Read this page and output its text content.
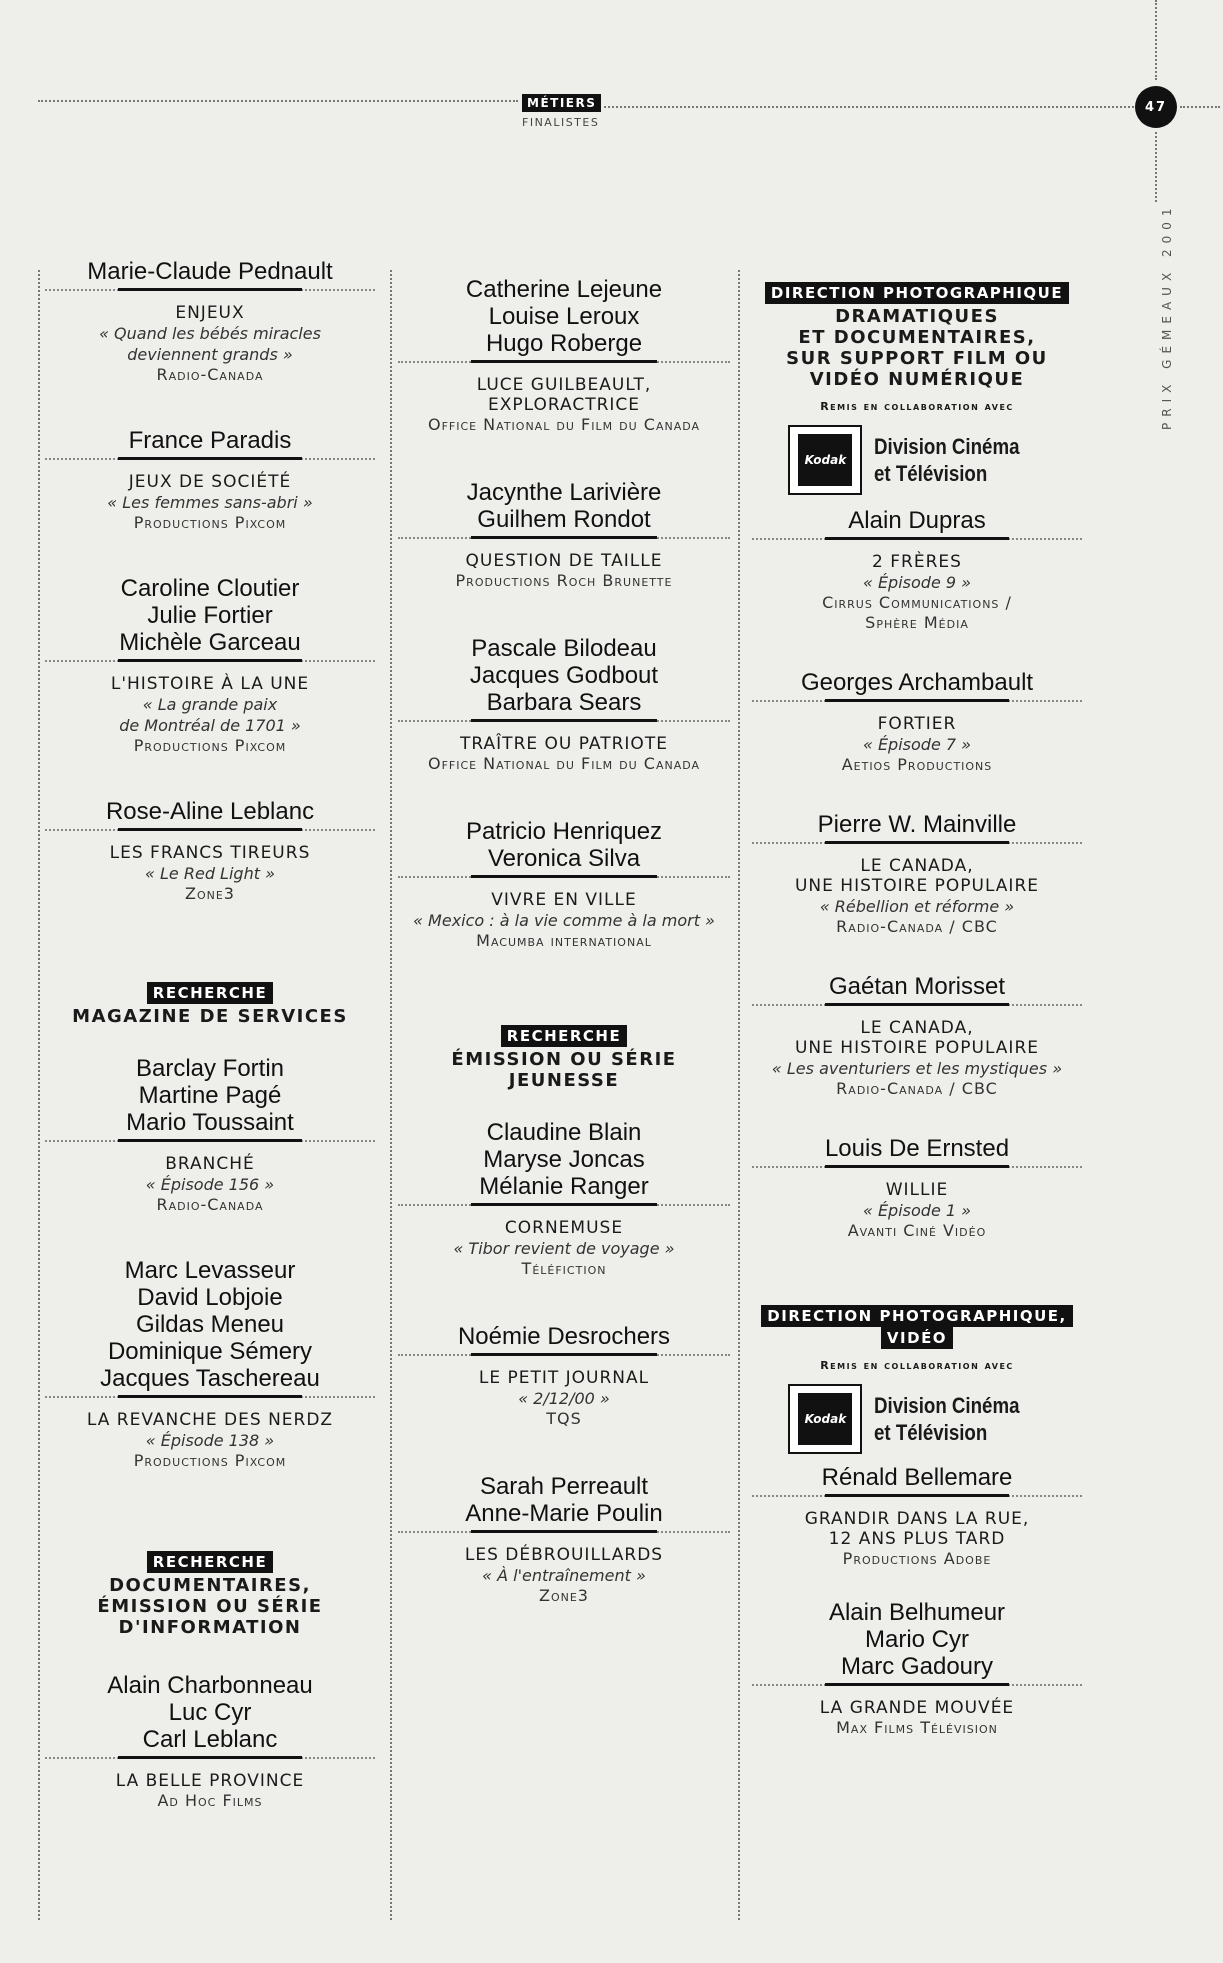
MÉTIERS
FINALISTES
47
PRIX GÉMEAUX 2001
Marie-Claude Pednault
ENJEUX
« Quand les bébés miracles
deviennent grands »
Radio-Canada
France Paradis
JEUX DE SOCIÉTÉ
« Les femmes sans-abri »
Productions Pixcom
Caroline Cloutier
Julie Fortier
Michèle Garceau
L'HISTOIRE À LA UNE
« La grande paix
de Montréal de 1701 »
Productions Pixcom
Rose-Aline Leblanc
LES FRANCS TIREURS
« Le Red Light »
Zone3
RECHERCHE
MAGAZINE DE SERVICES
Barclay Fortin
Martine Pagé
Mario Toussaint
BRANCHÉ
« Épisode 156 »
Radio-Canada
Marc Levasseur
David Lobjoie
Gildas Meneu
Dominique Sémery
Jacques Taschereau
LA REVANCHE DES NERDZ
« Épisode 138 »
Productions Pixcom
RECHERCHE
DOCUMENTAIRES,
ÉMISSION OU SÉRIE
D'INFORMATION
Alain Charbonneau
Luc Cyr
Carl Leblanc
LA BELLE PROVINCE
Ad Hoc Films
Catherine Lejeune
Louise Leroux
Hugo Roberge
LUCE GUILBEAULT,
EXPLORACTRICE
Office National du Film du Canada
Jacynthe Larivière
Guilhem Rondot
QUESTION DE TAILLE
Productions Roch Brunette
Pascale Bilodeau
Jacques Godbout
Barbara Sears
TRAÎTRE OU PATRIOTE
Office National du Film du Canada
Patricio Henriquez
Veronica Silva
VIVRE EN VILLE
« Mexico : à la vie comme à la mort »
Macumba international
RECHERCHE
ÉMISSION OU SÉRIE
JEUNESSE
Claudine Blain
Maryse Joncas
Mélanie Ranger
CORNEMUSE
« Tibor revient de voyage »
Téléfiction
Noémie Desrochers
LE PETIT JOURNAL
« 2/12/00 »
TQS
Sarah Perreault
Anne-Marie Poulin
LES DÉBROUILLARDS
« À l'entraînement »
Zone3
DIRECTION PHOTOGRAPHIQUE
DRAMATIQUES
ET DOCUMENTAIRES,
SUR SUPPORT FILM OU
VIDÉO NUMÉRIQUE
Remis en collaboration avec
Kodak
Division Cinéma
et Télévision
Alain Dupras
2 FRÈRES
« Épisode 9 »
Cirrus Communications /
Sphère Média
Georges Archambault
FORTIER
« Épisode 7 »
Aetios Productions
Pierre W. Mainville
LE CANADA,
UNE HISTOIRE POPULAIRE
« Rébellion et réforme »
Radio-Canada / CBC
Gaétan Morisset
LE CANADA,
UNE HISTOIRE POPULAIRE
« Les aventuriers et les mystiques »
Radio-Canada / CBC
Louis De Ernsted
WILLIE
« Épisode 1 »
Avanti Ciné Vidéo
DIRECTION PHOTOGRAPHIQUE,
VIDÉO
Remis en collaboration avec
Kodak
Division Cinéma
et Télévision
Rénald Bellemare
GRANDIR DANS LA RUE,
12 ANS PLUS TARD
Productions Adobe
Alain Belhumeur
Mario Cyr
Marc Gadoury
LA GRANDE MOUVÉE
Max Films Télévision
